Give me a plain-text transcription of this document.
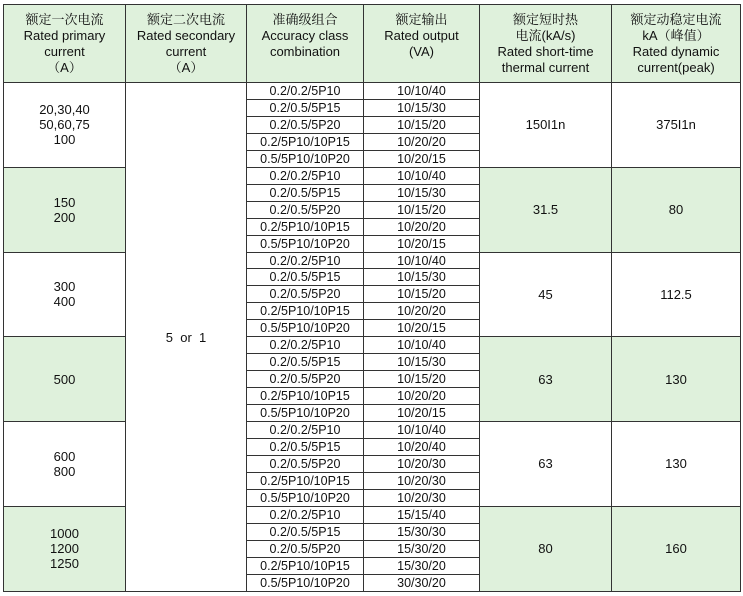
额定一次电流
Rated primary
current
（A）	额定二次电流
Rated secondary
current
（A）	准确级组合
Accuracy class
combination	额定输出
Rated output
(VA)	额定短时热
电流(kA/s)
Rated short-time
thermal current	额定动稳定电流
kA（峰值）
Rated dynamic
current(peak)

20,30,40
50,60,75
100	5  or  1	0.2/0.2/5P10	10/10/40	150I1n	375I1n
		0.2/0.5/5P15	10/15/30		
		0.2/0.5/5P20	10/15/20		
		0.2/5P10/10P15	10/20/20		
		0.5/5P10/10P20	10/20/15		

150
200		0.2/0.2/5P10	10/10/40	31.5	80
		0.2/0.5/5P15	10/15/30		
		0.2/0.5/5P20	10/15/20		
		0.2/5P10/10P15	10/20/20		
		0.5/5P10/10P20	10/20/15		

300
400		0.2/0.2/5P10	10/10/40	45	112.5
		0.2/0.5/5P15	10/15/30		
		0.2/0.5/5P20	10/15/20		
		0.2/5P10/10P15	10/20/20		
		0.5/5P10/10P20	10/20/15		

500		0.2/0.2/5P10	10/10/40	63	130
		0.2/0.5/5P15	10/15/30		
		0.2/0.5/5P20	10/15/20		
		0.2/5P10/10P15	10/20/20		
		0.5/5P10/10P20	10/20/15		

600
800		0.2/0.2/5P10	10/10/40	63	130
		0.2/0.5/5P15	10/20/40		
		0.2/0.5/5P20	10/20/30		
		0.2/5P10/10P15	10/20/30		
		0.5/5P10/10P20	10/20/30		

1000
1200
1250		0.2/0.2/5P10	15/15/40	80	160
		0.2/0.5/5P15	15/30/30		
		0.2/0.5/5P20	15/30/20		
		0.2/5P10/10P15	15/30/20		
		0.5/5P10/10P20	30/30/20		
